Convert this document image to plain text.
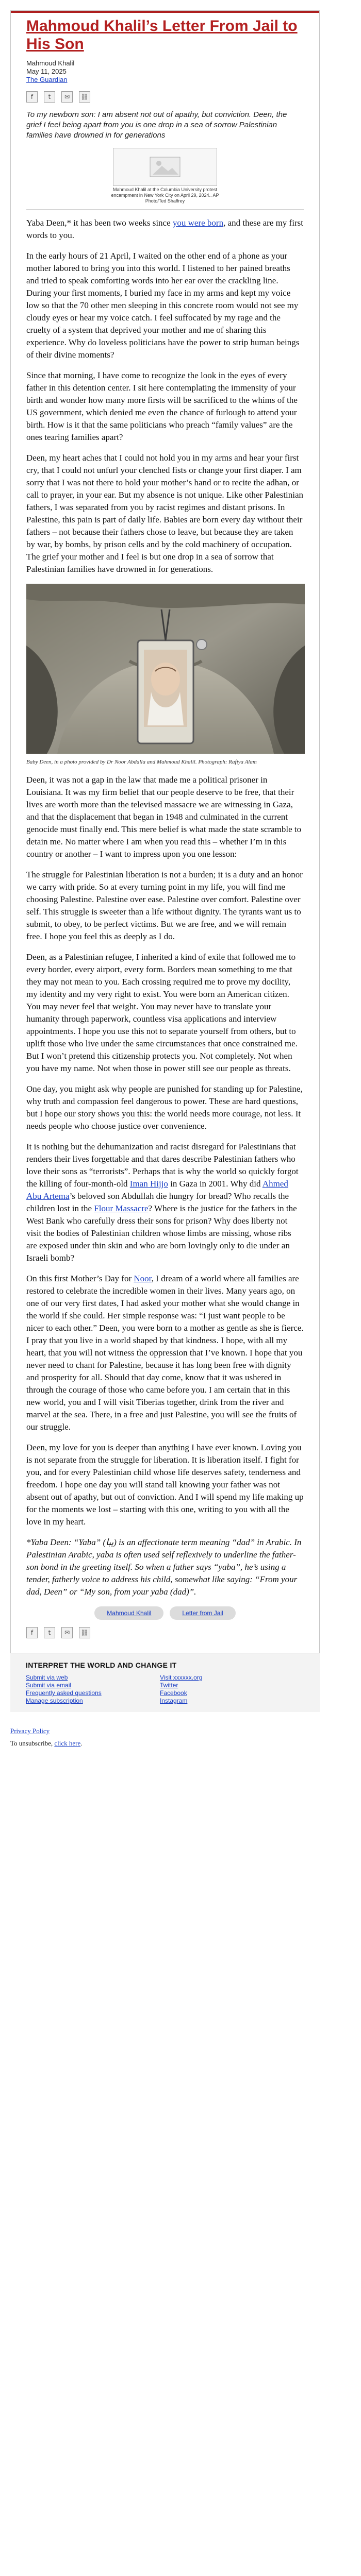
Mahmoud Khalil’s Letter From Jail to His Son
Mahmoud Khalil
May 11, 2025
The Guardian
f	t	✉	⛓
To my newborn son: I am absent not out of apathy, but conviction. Deen, the grief I feel being apart from you is one drop in a sea of sorrow Palestinian families have drowned in for generations
Mahmoud Khalil at the Columbia University protest
encampment in New York City on April 29, 2024.. AP
Photo/Ted Shaffrey

Yaba Deen,* it has been two weeks since you were born, and these are my first words to you.

In the early hours of 21 April, I waited on the other end of a phone as your mother labored to bring you into this world. I listened to her pained breaths and tried to speak comforting words into her ear over the crackling line. During your first moments, I buried my face in my arms and kept my voice low so that the 70 other men sleeping in this concrete room would not see my cloudy eyes or hear my voice catch. I feel suffocated by my rage and the cruelty of a system that deprived your mother and me of sharing this experience. Why do loveless politicians have the power to strip human beings of their divine moments?

Since that morning, I have come to recognize the look in the eyes of every father in this detention center. I sit here contemplating the immensity of your birth and wonder how many more firsts will be sacrificed to the whims of the US government, which denied me even the chance of furlough to attend your birth. How is it that the same politicians who preach “family values” are the ones tearing families apart?

Deen, my heart aches that I could not hold you in my arms and hear your first cry, that I could not unfurl your clenched fists or change your first diaper. I am sorry that I was not there to hold your mother’s hand or to recite the adhan, or call to prayer, in your ear. But my absence is not unique. Like other Palestinian fathers, I was separated from you by racist regimes and distant prisons. In Palestine, this pain is part of daily life. Babies are born every day without their fathers – not because their fathers chose to leave, but because they are taken by war, by bombs, by prison cells and by the cold machinery of occupation. The grief your mother and I feel is but one drop in a sea of sorrow that Palestinian families have drowned in for generations.

Baby Deen, in a photo provided by Dr Noor Abdalla and Mahmoud Khalil. Photograph: Rafiya Alam

Deen, it was not a gap in the law that made me a political prisoner in Louisiana. It was my firm belief that our people deserve to be free, that their lives are worth more than the televised massacre we are witnessing in Gaza, and that the displacement that began in 1948 and culminated in the current genocide must finally end. This mere belief is what made the state scramble to detain me. No matter where I am when you read this – whether I’m in this country or another – I want to impress upon you one lesson:

The struggle for Palestinian liberation is not a burden; it is a duty and an honor we carry with pride. So at every turning point in my life, you will find me choosing Palestine. Palestine over ease. Palestine over comfort. Palestine over self. This struggle is sweeter than a life without dignity. The tyrants want us to submit, to obey, to be perfect victims. But we are free, and we will remain free. I hope you feel this as deeply as I do.

Deen, as a Palestinian refugee, I inherited a kind of exile that followed me to every border, every airport, every form. Borders mean something to me that they may not mean to you. Each crossing required me to prove my docility, my identity and my very right to exist. You were born an American citizen. You may never feel that weight. You may never have to translate your humanity through paperwork, countless visa applications and interview appointments. I hope you use this not to separate yourself from others, but to uplift those who live under the same circumstances that once constrained me. But I won’t pretend this citizenship protects you. Not completely. Not when you have my name. Not when those in power still see our people as threats.

One day, you might ask why people are punished for standing up for Palestine, why truth and compassion feel dangerous to power. These are hard questions, but I hope our story shows you this: the world needs more courage, not less. It needs people who choose justice over convenience.

It is nothing but the dehumanization and racist disregard for Palestinians that renders their lives forgettable and that dares describe Palestinian fathers who love their sons as “terrorists”. Perhaps that is why the world so quickly forgot the killing of four-month-old Iman Hijjo in Gaza in 2001. Why did Ahmed Abu Artema’s beloved son Abdullah die hungry for bread? Who recalls the children lost in the Flour Massacre? Where is the justice for the fathers in the West Bank who carefully dress their sons for prison? Why does liberty not visit the bodies of Palestinian children whose limbs are missing, whose ribs are exposed under thin skin and who are born lovingly only to die under an Israeli bomb?

On this first Mother’s Day for Noor, I dream of a world where all families are restored to celebrate the incredible women in their lives. Many years ago, on one of our very first dates, I had asked your mother what she would change in the world if she could. Her simple response was: “I just want people to be nicer to each other.” Deen, you were born to a mother as gentle as she is fierce. I pray that you live in a world shaped by that kindness. I hope, with all my heart, that you will not witness the oppression that I’ve known. I hope that you never need to chant for Palestine, because it has long been free with dignity and prosperity for all. Should that day come, know that it was ushered in through the courage of those who came before you. I am certain that in this new world, you and I will visit Tiberias together, drink from the river and marvel at the sea. There, in a free and just Palestine, you will see the fruits of our struggle.

Deen, my love for you is deeper than anything I have ever known. Loving you is not separate from the struggle for liberation. It is liberation itself. I fight for you, and for every Palestinian child whose life deserves safety, tenderness and freedom. I hope one day you will stand tall knowing your father was not absent out of apathy, but out of conviction. And I will spend my life making up for the moments we lost – starting with this one, writing to you with all the love in my heart.

*Yaba Deen: “Yaba” (يبا) is an affectionate term meaning “dad” in Arabic. In Palestinian Arabic, yaba is often used self reflexively to underline the father-son bond in the greeting itself. So when a father says “yaba”, he’s using a tender, fatherly voice to address his child, somewhat like saying: “From your dad, Deen” or “My son, from your yaba (dad)”.

Mahmoud Khalil	Letter from Jail
f	t	✉	⛓
INTERPRET THE WORLD AND CHANGE IT
Submit via web
Submit via email
Frequently asked questions
Manage subscription
Visit xxxxxx.org
Twitter
Facebook
Instagram
Privacy Policy
To unsubscribe, click here.
